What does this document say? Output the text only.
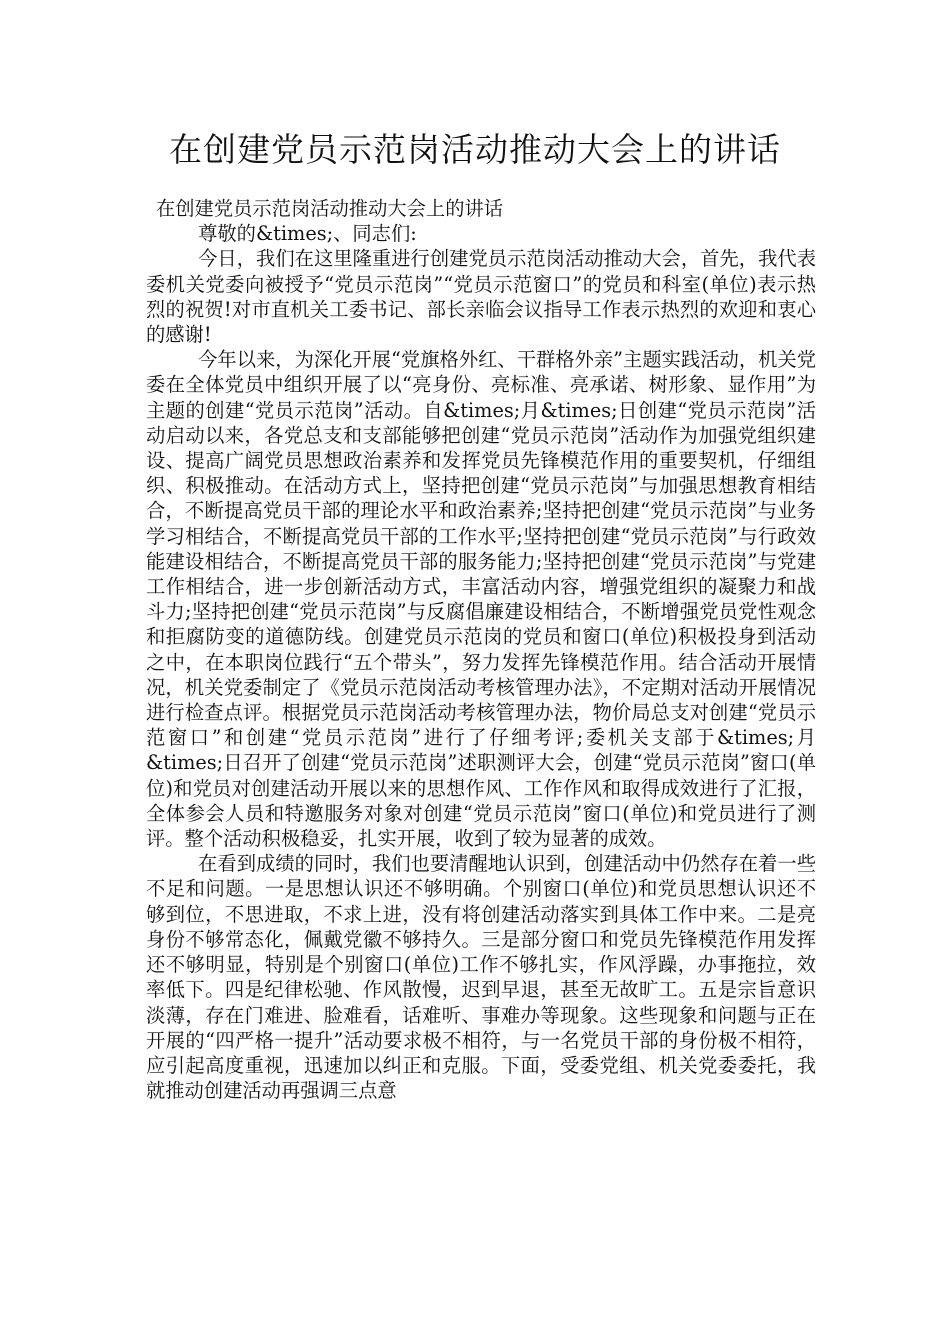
在创建党员示范岗活动推动大会上的讲话

在创建党员示范岗活动推动大会上的讲话

尊敬的&times;、同志们:

今日，我们在这里隆重进行创建党员示范岗活动推动大会，首先，我代表委机关党委向被授予“党员示范岗”“党员示范窗口”的党员和科室(单位)表示热烈的祝贺!对市直机关工委书记、部长亲临会议指导工作表示热烈的欢迎和衷心的感谢!

今年以来，为深化开展“党旗格外红、干群格外亲”主题实践活动，机关党委在全体党员中组织开展了以“亮身份、亮标准、亮承诺、树形象、显作用”为主题的创建“党员示范岗”活动。自&times;月&times;日创建“党员示范岗”活动启动以来，各党总支和支部能够把创建“党员示范岗”活动作为加强党组织建设、提高广阔党员思想政治素养和发挥党员先锋模范作用的重要契机，仔细组织、积极推动。在活动方式上，坚持把创建“党员示范岗”与加强思想教育相结合，不断提高党员干部的理论水平和政治素养;坚持把创建“党员示范岗”与业务学习相结合，不断提高党员干部的工作水平;坚持把创建“党员示范岗”与行政效能建设相结合，不断提高党员干部的服务能力;坚持把创建“党员示范岗”与党建工作相结合，进一步创新活动方式，丰富活动内容，增强党组织的凝聚力和战斗力;坚持把创建“党员示范岗”与反腐倡廉建设相结合，不断增强党员党性观念和拒腐防变的道德防线。创建党员示范岗的党员和窗口(单位)积极投身到活动之中，在本职岗位践行“五个带头”，努力发挥先锋模范作用。结合活动开展情况，机关党委制定了《党员示范岗活动考核管理办法》，不定期对活动开展情况进行检查点评。根据党员示范岗活动考核管理办法，物价局总支对创建“党员示范窗口”和创建“党员示范岗”进行了仔细考评;委机关支部于&times;月&times;日召开了创建“党员示范岗”述职测评大会，创建“党员示范岗”窗口(单位)和党员对创建活动开展以来的思想作风、工作作风和取得成效进行了汇报，全体参会人员和特邀服务对象对创建“党员示范岗”窗口(单位)和党员进行了测评。整个活动积极稳妥，扎实开展，收到了较为显著的成效。

在看到成绩的同时，我们也要清醒地认识到，创建活动中仍然存在着一些不足和问题。一是思想认识还不够明确。个别窗口(单位)和党员思想认识还不够到位，不思进取，不求上进，没有将创建活动落实到具体工作中来。二是亮身份不够常态化，佩戴党徽不够持久。三是部分窗口和党员先锋模范作用发挥还不够明显，特别是个别窗口(单位)工作不够扎实，作风浮躁，办事拖拉，效率低下。四是纪律松驰、作风散慢，迟到早退，甚至无故旷工。五是宗旨意识淡薄，存在门难进、脸难看，话难听、事难办等现象。这些现象和问题与正在开展的“四严格一提升”活动要求极不相符，与一名党员干部的身份极不相符，应引起高度重视，迅速加以纠正和克服。下面，受委党组、机关党委委托，我就推动创建活动再强调三点意
